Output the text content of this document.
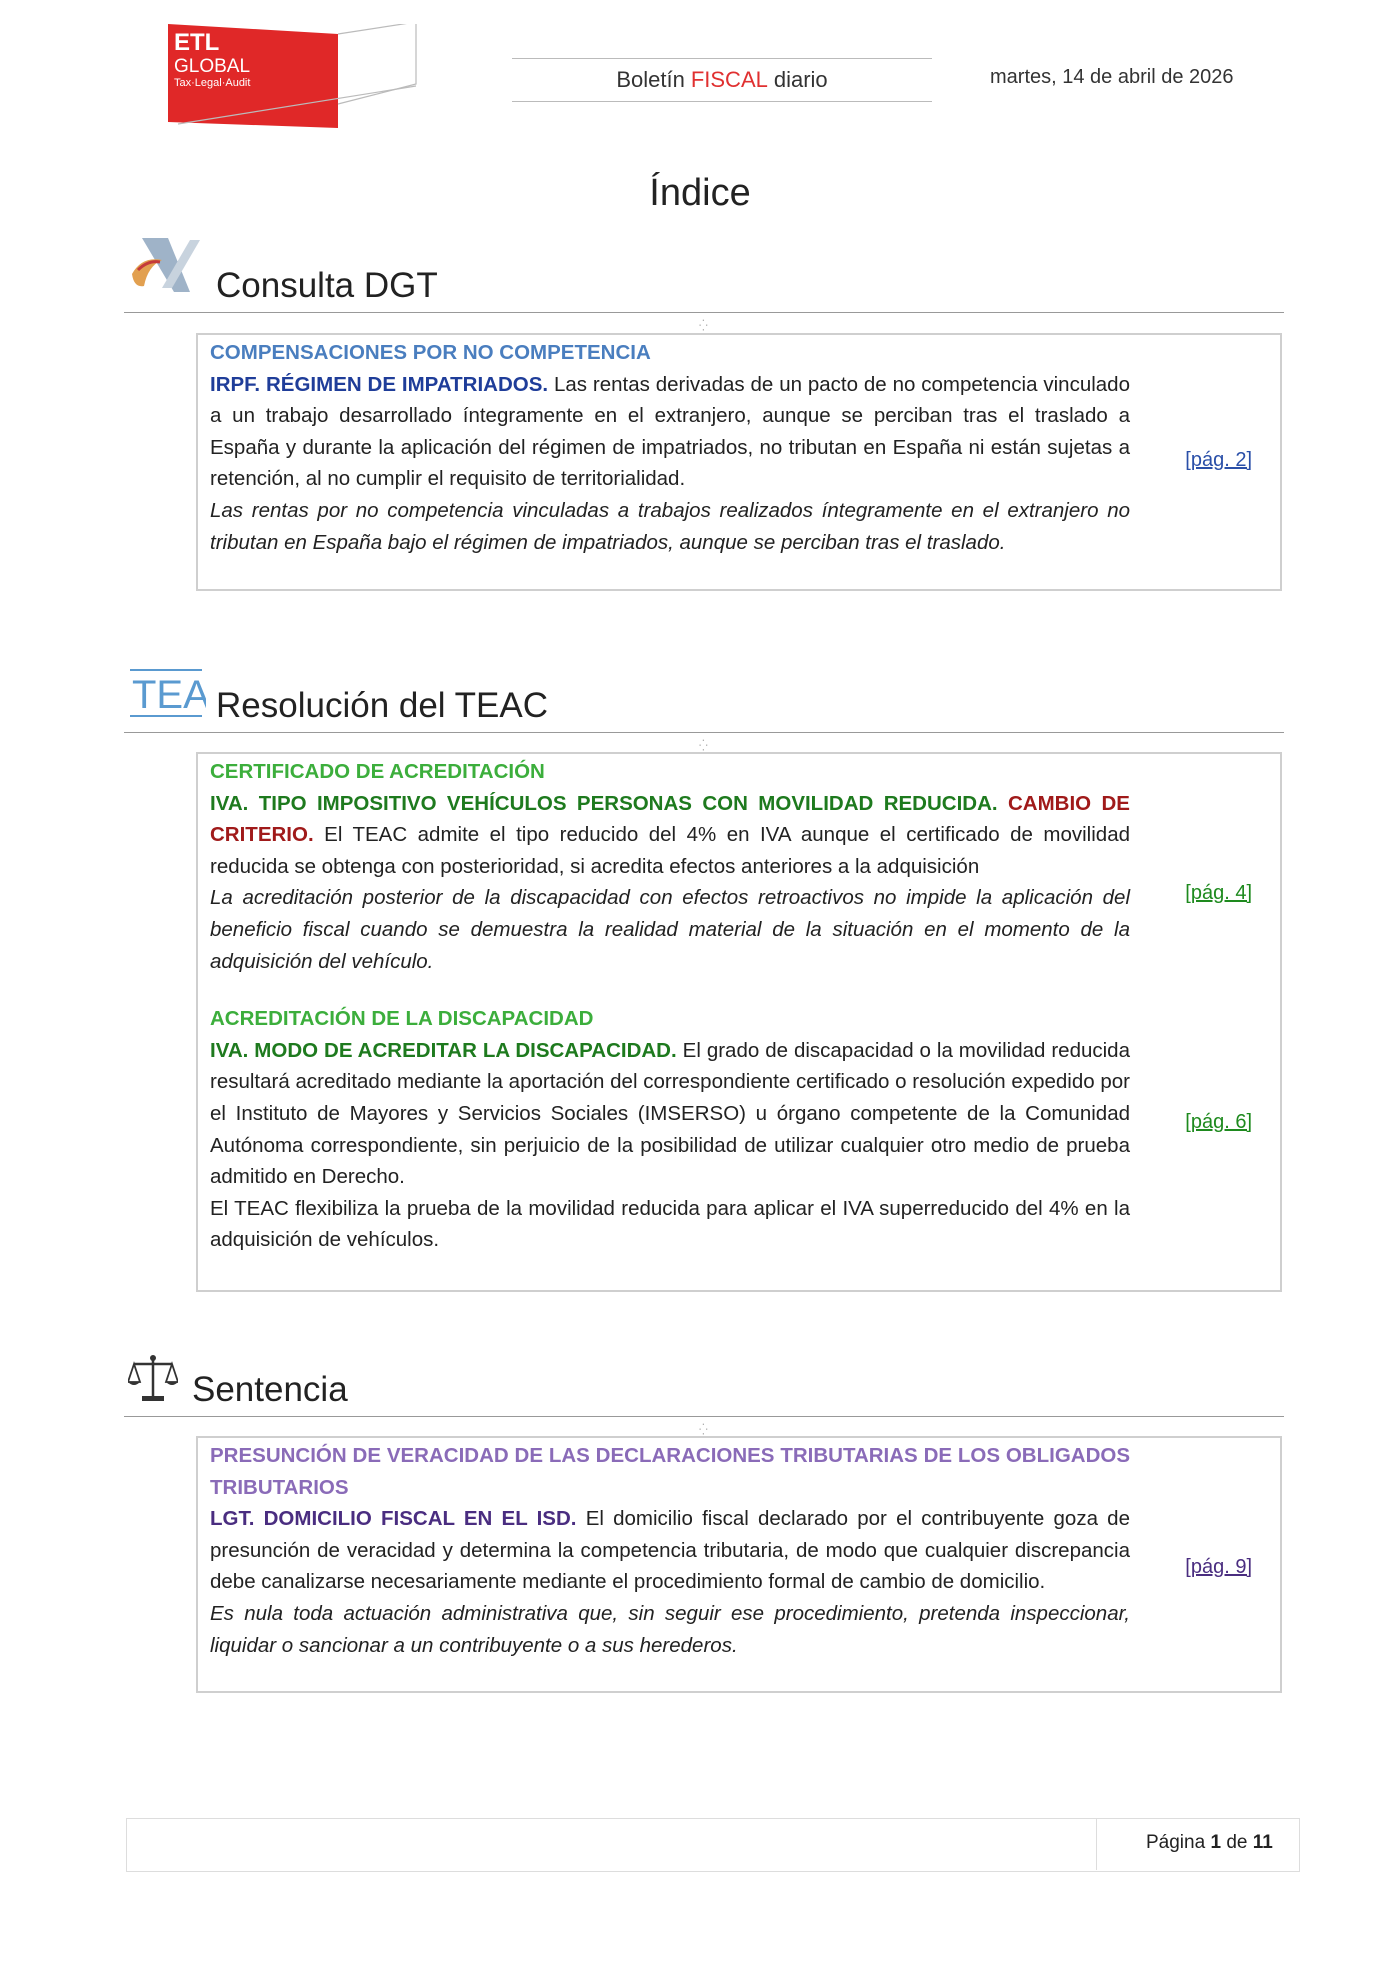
ETL
GLOBAL
Tax·Legal·Audit	Boletín FISCAL diario	martes, 14 de abril de 2026
Índice
Consulta DGT
⁛
COMPENSACIONES POR NO COMPETENCIA
IRPF. RÉGIMEN DE IMPATRIADOS. Las rentas derivadas de un pacto de no competencia vinculado a un trabajo desarrollado íntegramente en el extranjero, aunque se perciban tras el traslado a España y durante la aplicación del régimen de impatriados, no tributan en España ni están sujetas a retención, al no cumplir el requisito de territorialidad.
Las rentas por no competencia vinculadas a trabajos realizados íntegramente en el extranjero no tributan en España bajo el régimen de impatriados, aunque se perciban tras el traslado.
[pág. 2]
TEA Resolución del TEAC
⁛
CERTIFICADO DE ACREDITACIÓN
IVA. TIPO IMPOSITIVO VEHÍCULOS PERSONAS CON MOVILIDAD REDUCIDA. CAMBIO DE CRITERIO. El TEAC admite el tipo reducido del 4% en IVA aunque el certificado de movilidad reducida se obtenga con posterioridad, si acredita efectos anteriores a la adquisición
La acreditación posterior de la discapacidad con efectos retroactivos no impide la aplicación del beneficio fiscal cuando se demuestra la realidad material de la situación en el momento de la adquisición del vehículo.
[pág. 4]
ACREDITACIÓN DE LA DISCAPACIDAD
IVA. MODO DE ACREDITAR LA DISCAPACIDAD. El grado de discapacidad o la movilidad reducida resultará acreditado mediante la aportación del correspondiente certificado o resolución expedido por el Instituto de Mayores y Servicios Sociales (IMSERSO) u órgano competente de la Comunidad Autónoma correspondiente, sin perjuicio de la posibilidad de utilizar cualquier otro medio de prueba admitido en Derecho.
El TEAC flexibiliza la prueba de la movilidad reducida para aplicar el IVA superreducido del 4% en la adquisición de vehículos.
[pág. 6]
Sentencia
⁛
PRESUNCIÓN DE VERACIDAD DE LAS DECLARACIONES TRIBUTARIAS DE LOS OBLIGADOS TRIBUTARIOS
LGT. DOMICILIO FISCAL EN EL ISD. El domicilio fiscal declarado por el contribuyente goza de presunción de veracidad y determina la competencia tributaria, de modo que cualquier discrepancia debe canalizarse necesariamente mediante el procedimiento formal de cambio de domicilio.
Es nula toda actuación administrativa que, sin seguir ese procedimiento, pretenda inspeccionar, liquidar o sancionar a un contribuyente o a sus herederos.
[pág. 9]
Página 1 de 11
